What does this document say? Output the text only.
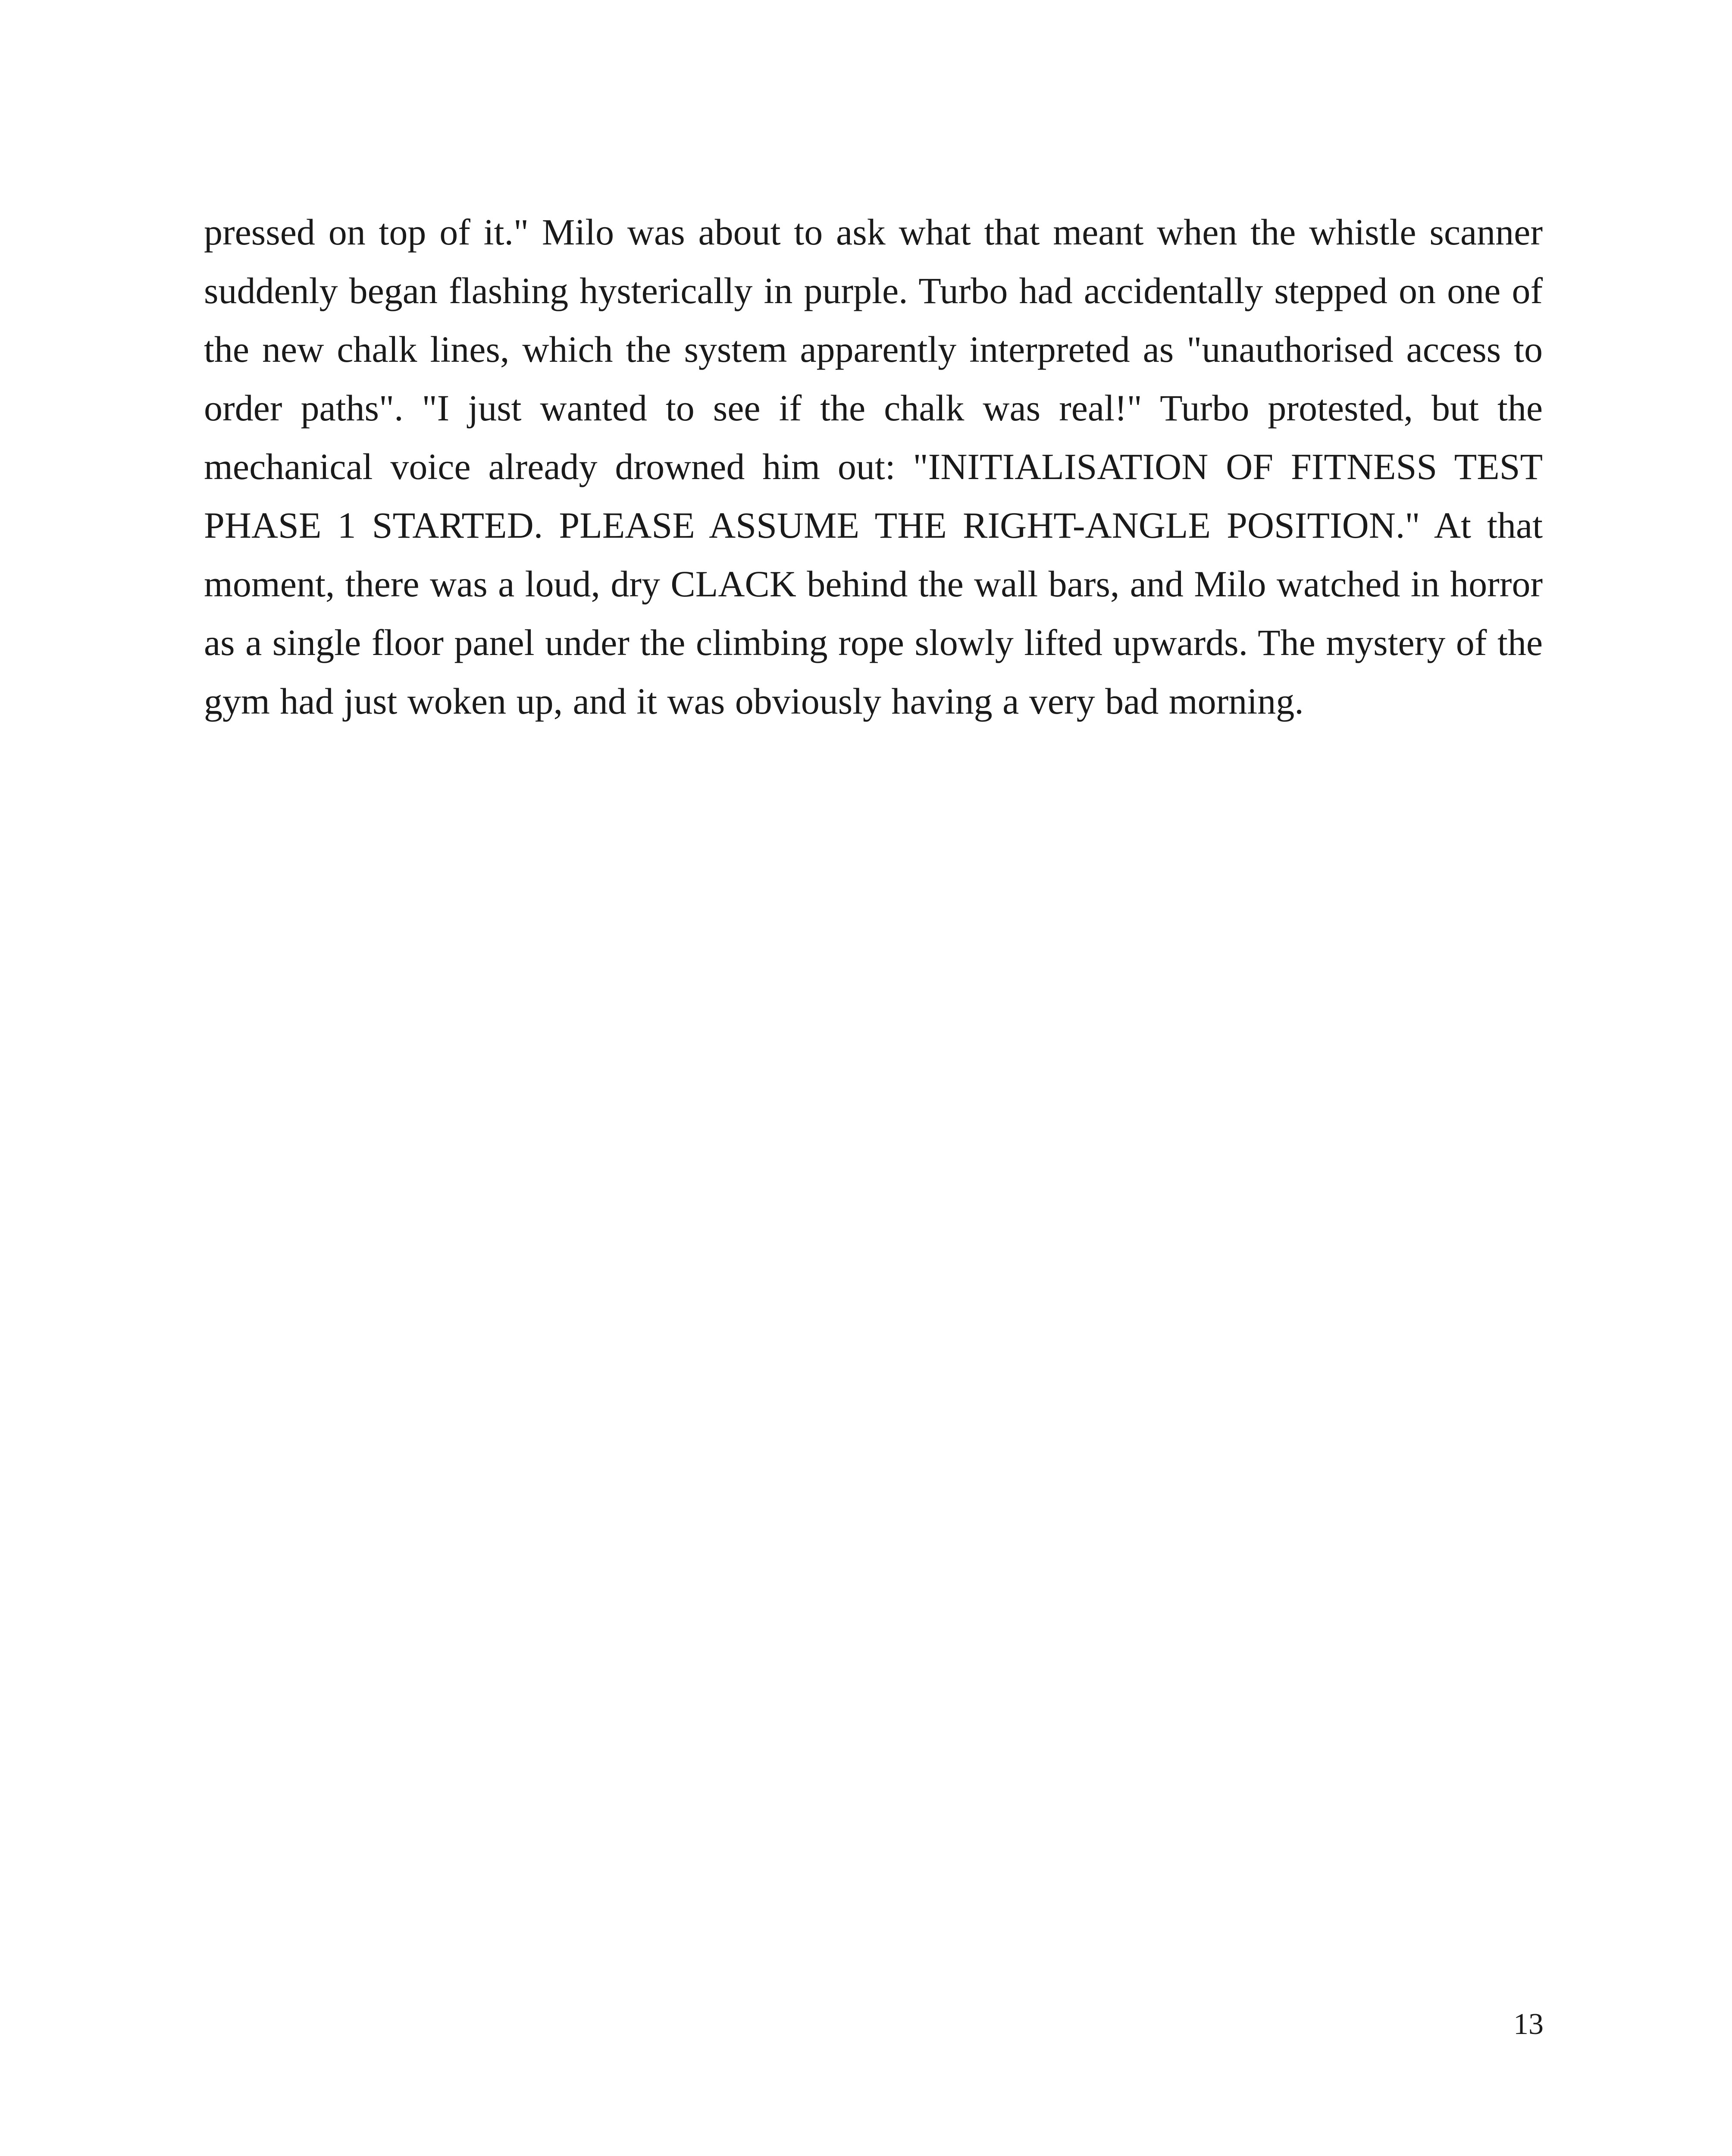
pressed on top of it." Milo was about to ask what that meant when the whistle scanner suddenly began flashing hysterically in purple. Turbo had accidentally stepped on one of the new chalk lines, which the system apparently interpreted as "unauthorised access to order paths". "I just wanted to see if the chalk was real!" Turbo protested, but the mechanical voice already drowned him out: "INITIALISATION OF FITNESS TEST PHASE 1 STARTED. PLEASE ASSUME THE RIGHT-ANGLE POSITION." At that moment, there was a loud, dry CLACK behind the wall bars, and Milo watched in horror as a single floor panel under the climbing rope slowly lifted upwards. The mystery of the gym had just woken up, and it was obviously having a very bad morning.

13
